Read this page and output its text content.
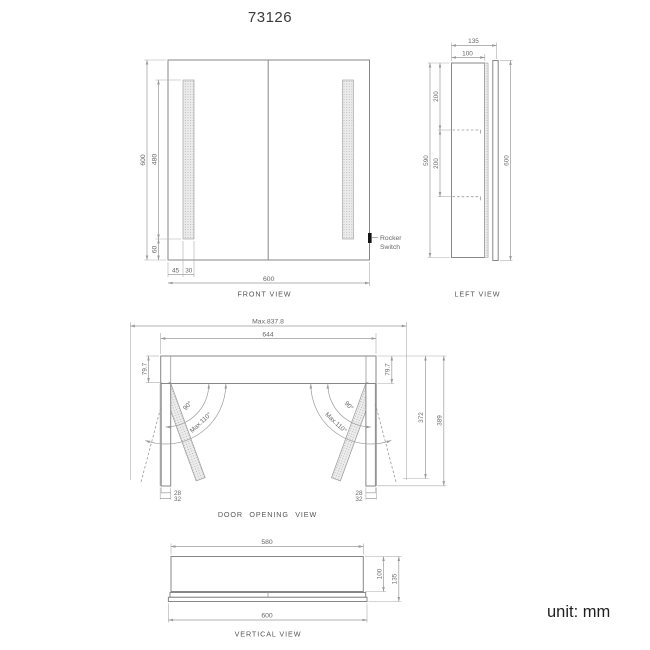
73126
Rocker
Switch
600 480
60
45 30
600
FRONT VIEW
135
100
590
200
200	600
LEFT VIEW
90°
Max.110°
90°
Max.110°
Max.837.8
644
79.7	79.7
372 389
28
32
28
32
DOOR OPENING VIEW
580
100 135
600
VERTICAL VIEW
unit: mm
